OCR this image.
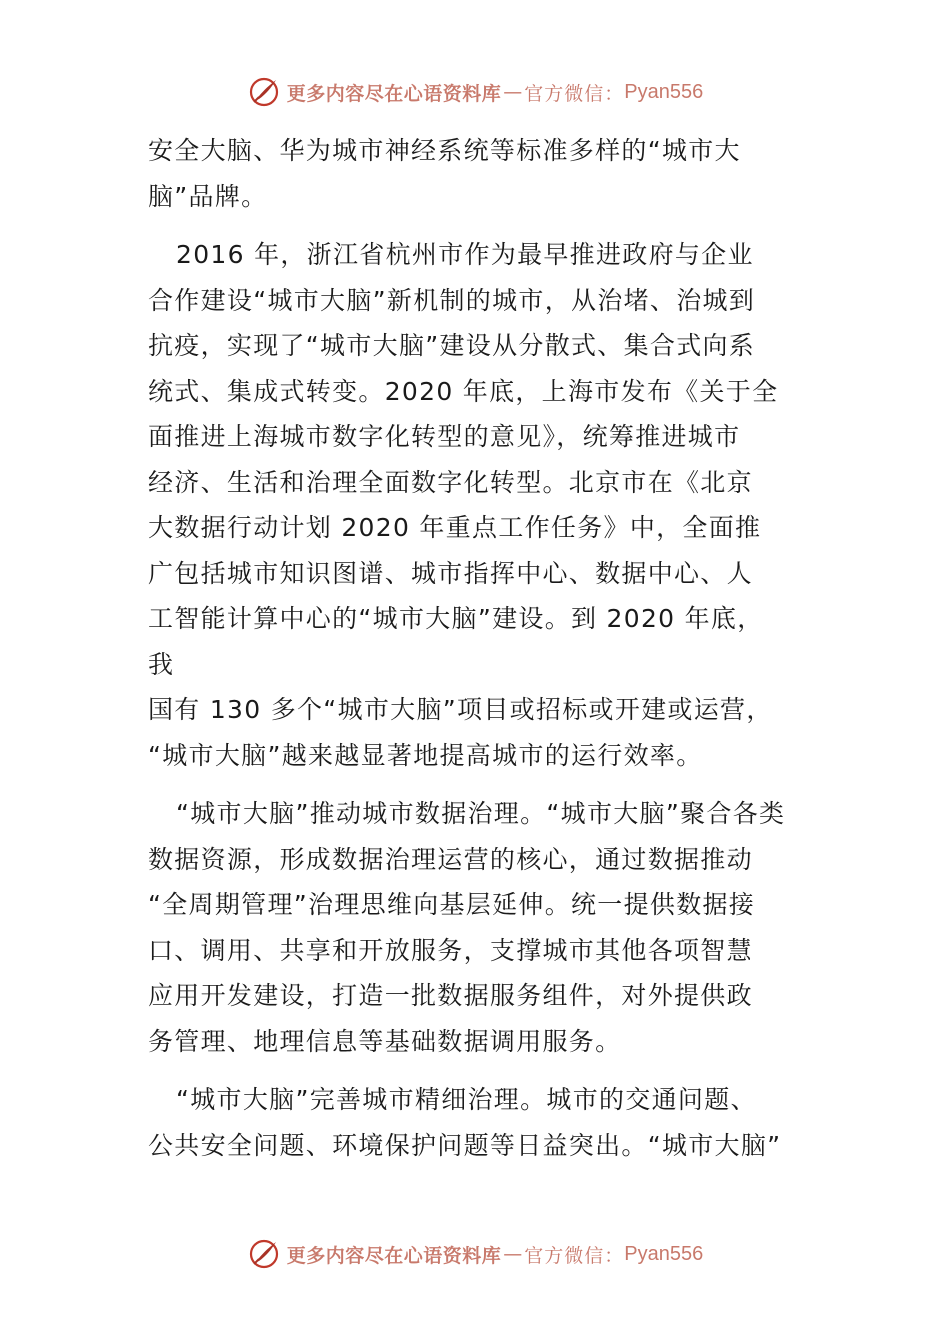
更多内容尽在心语资料库 — 官方微信： Pyan556
安全大脑、华为城市神经系统等标准多样的“城市大
脑”品牌。
2016 年，浙江省杭州市作为最早推进政府与企业
合作建设“城市大脑”新机制的城市，从治堵、治城到
抗疫，实现了“城市大脑”建设从分散式、集合式向系
统式、集成式转变。2020 年底，上海市发布《关于全
面推进上海城市数字化转型的意见》，统筹推进城市
经济、生活和治理全面数字化转型。北京市在《北京
大数据行动计划 2020 年重点工作任务》中，全面推
广包括城市知识图谱、城市指挥中心、数据中心、人
工智能计算中心的“城市大脑”建设。到 2020 年底，
我
国有 130 多个“城市大脑”项目或招标或开建或运营，
“城市大脑”越来越显著地提高城市的运行效率。
“城市大脑”推动城市数据治理。“城市大脑”聚合各类
数据资源，形成数据治理运营的核心，通过数据推动
“全周期管理”治理思维向基层延伸。统一提供数据接
口、调用、共享和开放服务，支撑城市其他各项智慧
应用开发建设，打造一批数据服务组件，对外提供政
务管理、地理信息等基础数据调用服务。
“城市大脑”完善城市精细治理。城市的交通问题、
公共安全问题、环境保护问题等日益突出。“城市大脑”
更多内容尽在心语资料库 — 官方微信： Pyan556
